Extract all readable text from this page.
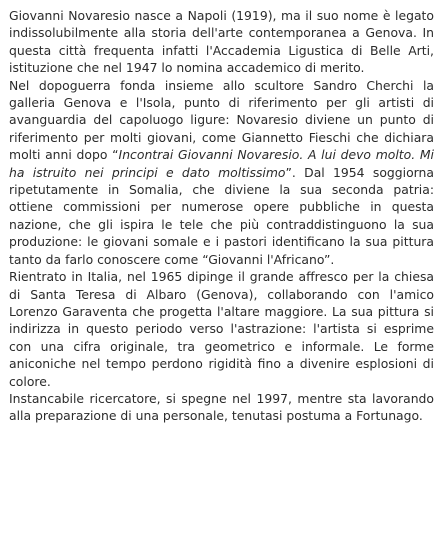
Giovanni Novaresio nasce a Napoli (1919), ma il suo nome è legato indissolubilmente alla storia dell'arte contemporanea a Genova. In questa città frequenta infatti l'Accademia Ligustica di Belle Arti, istituzione che nel 1947 lo nomina accademico di merito.

Nel dopoguerra fonda insieme allo scultore Sandro Cherchi la galleria Genova e l'Isola, punto di riferimento per gli artisti di avanguardia del capoluogo ligure: Novaresio diviene un punto di riferimento per molti giovani, come Giannetto Fieschi che dichiara molti anni dopo “Incontrai Giovanni Novaresio. A lui devo molto. Mi ha istruito nei principi e dato moltissimo”. Dal 1954 soggiorna ripetutamente in Somalia, che diviene la sua seconda patria: ottiene commissioni per numerose opere pubbliche in questa nazione, che gli ispira le tele che più contraddistinguono la sua produzione: le giovani somale e i pastori identificano la sua pittura tanto da farlo conoscere come “Giovanni l'Africano”.

Rientrato in Italia, nel 1965 dipinge il grande affresco per la chiesa di Santa Teresa di Albaro (Genova), collaborando con l'amico Lorenzo Garaventa che progetta l'altare maggiore. La sua pittura si indirizza in questo periodo verso l'astrazione: l'artista si esprime con una cifra originale, tra geometrico e informale. Le forme aniconiche nel tempo perdono rigidità fino a divenire esplosioni di colore.

Instancabile ricercatore, si spegne nel 1997, mentre sta lavorando alla preparazione di una personale, tenutasi postuma a Fortunago.
